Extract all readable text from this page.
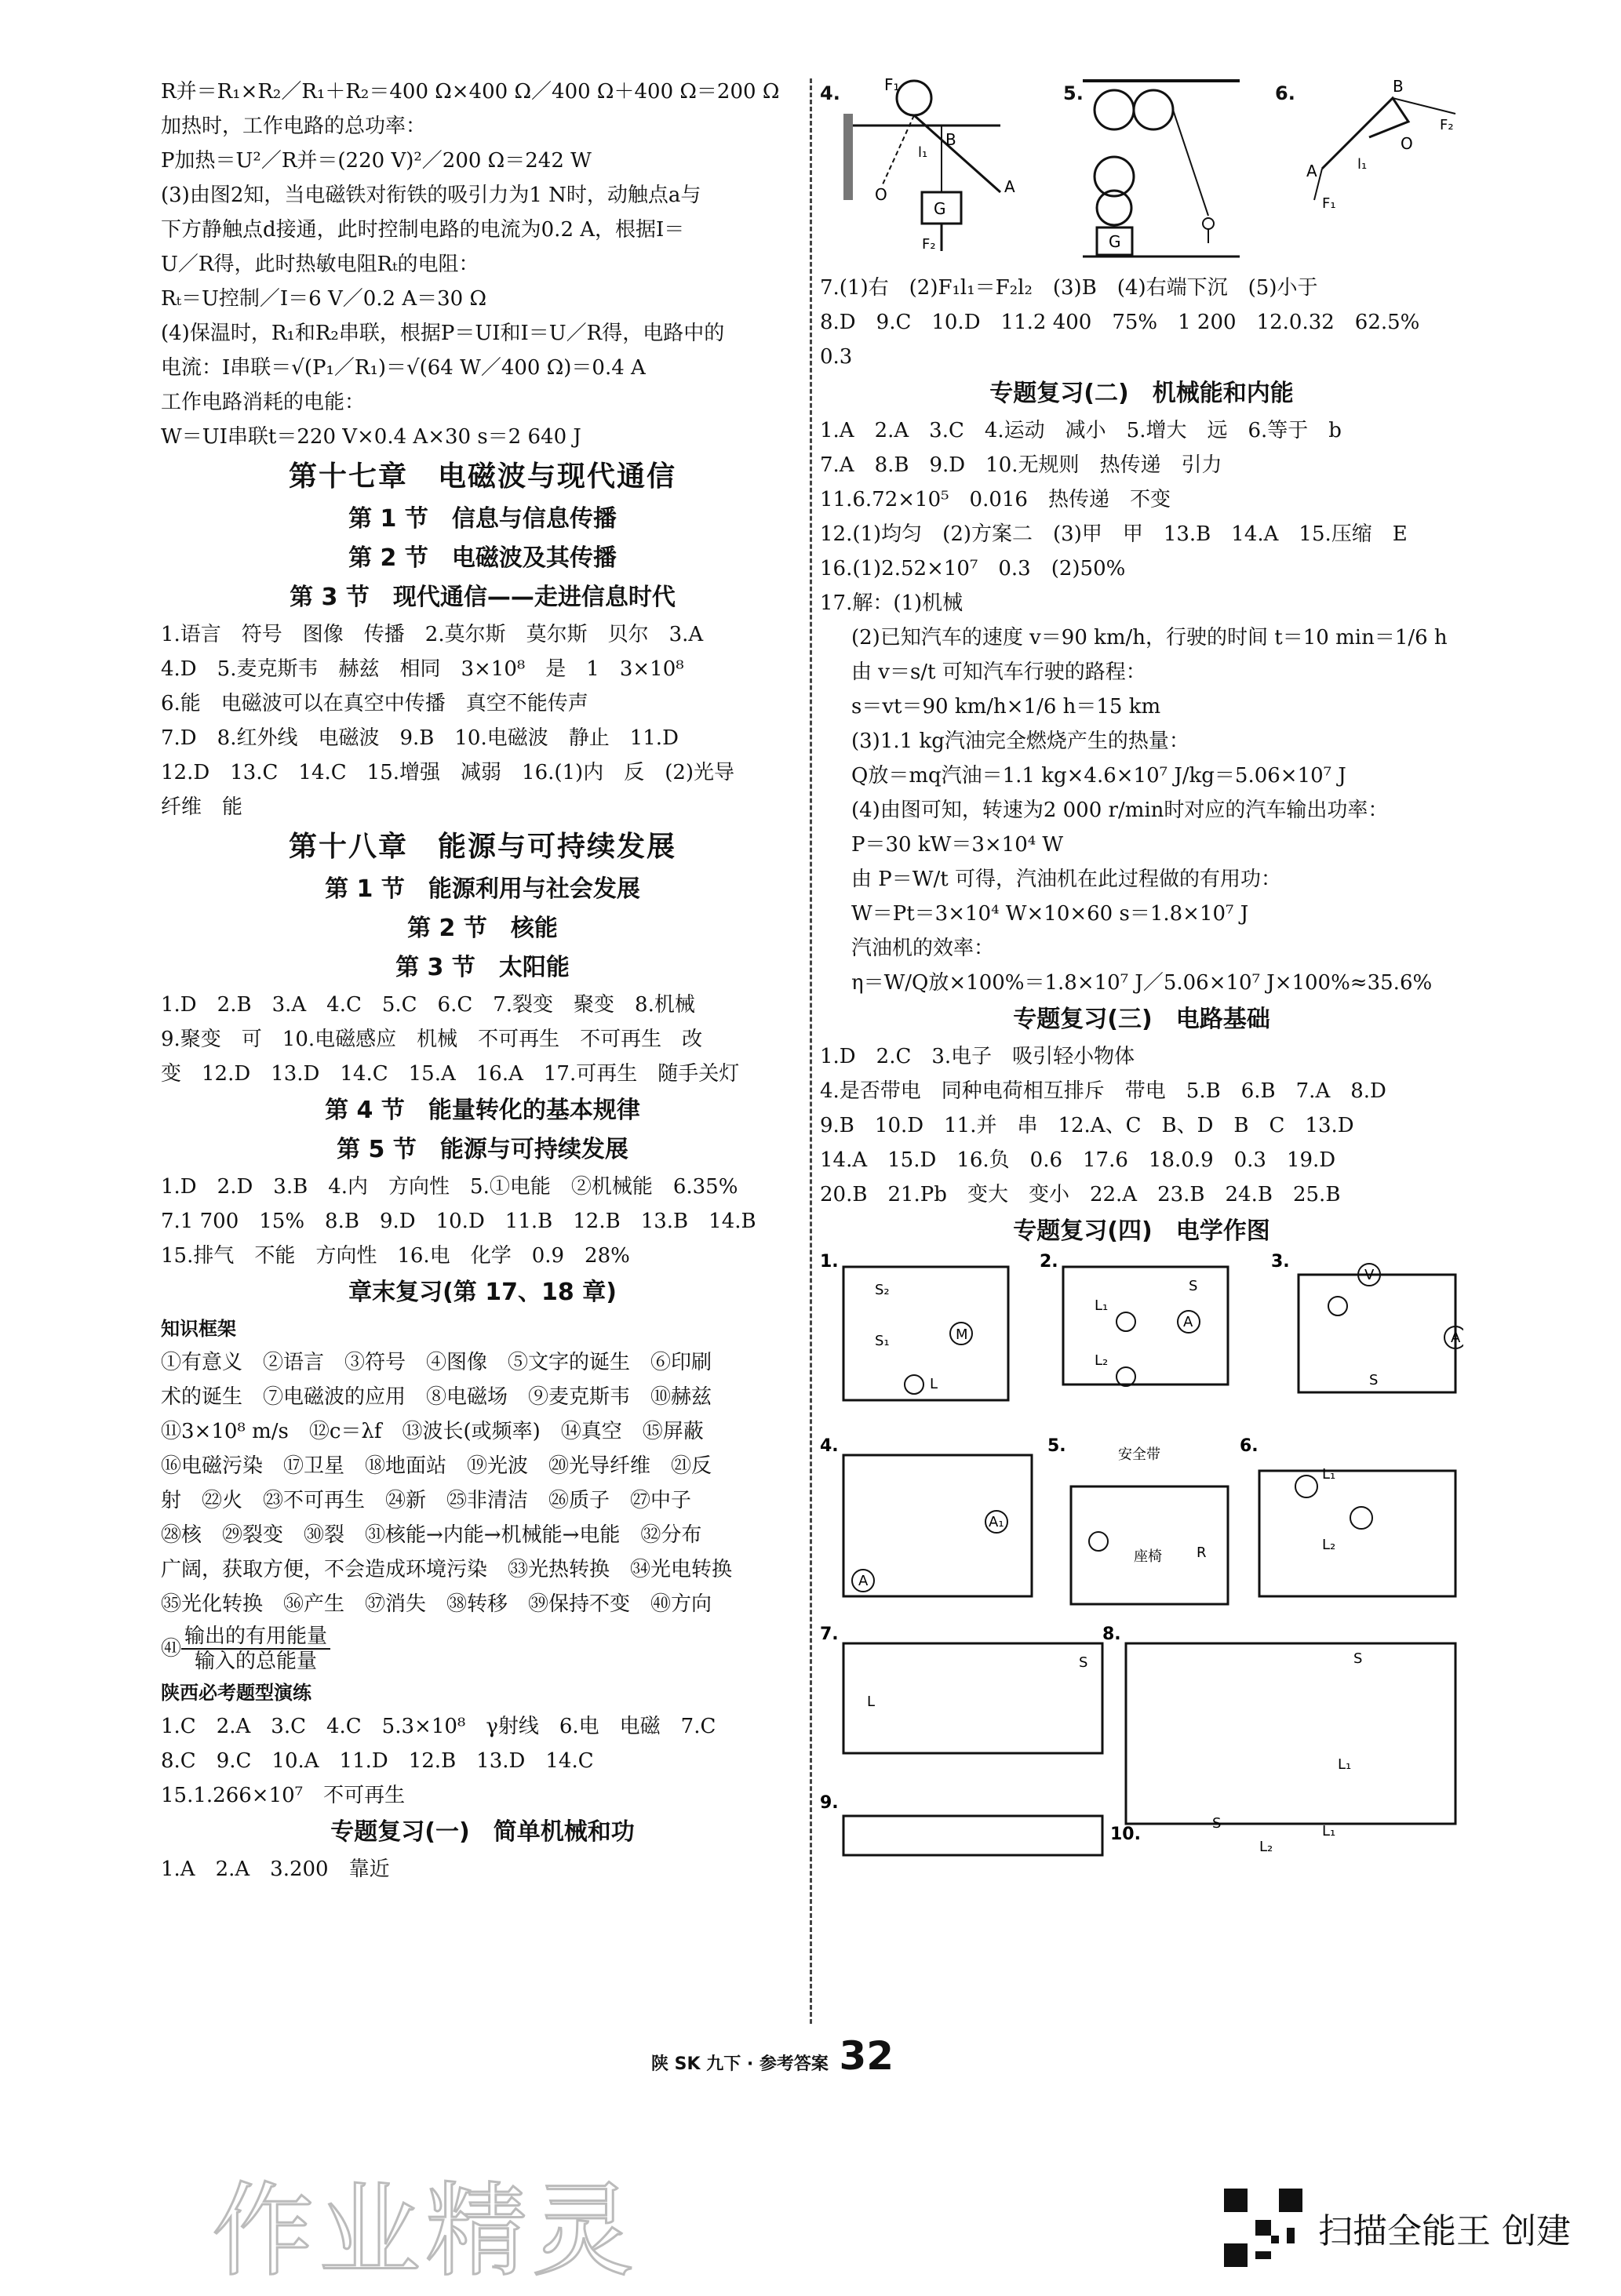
R并＝R₁×R₂／R₁＋R₂＝400 Ω×400 Ω／400 Ω＋400 Ω＝200 Ω
加热时，工作电路的总功率：
P加热＝U²／R并＝(220 V)²／200 Ω＝242 W
(3)由图2知，当电磁铁对衔铁的吸引力为1 N时，动触点a与
下方静触点d接通，此时控制电路的电流为0.2 A，根据I＝
U／R得，此时热敏电阻Rₜ的电阻：
Rₜ＝U控制／I＝6 V／0.2 A＝30 Ω
(4)保温时，R₁和R₂串联，根据P＝UI和I＝U／R得，电路中的
电流：I串联＝√(P₁／R₁)＝√(64 W／400 Ω)＝0.4 A
工作电路消耗的电能：
W＝UI串联t＝220 V×0.4 A×30 s＝2 640 J
第十七章　电磁波与现代通信
第 1 节　信息与信息传播
第 2 节　电磁波及其传播
第 3 节　现代通信——走进信息时代
1.语言　符号　图像　传播　2.莫尔斯　莫尔斯　贝尔　3.A
4.D　5.麦克斯韦　赫兹　相同　3×10⁸　是　1　3×10⁸
6.能　电磁波可以在真空中传播　真空不能传声
7.D　8.红外线　电磁波　9.B　10.电磁波　静止　11.D
12.D　13.C　14.C　15.增强　减弱　16.(1)内　反　(2)光导
纤维　能
第十八章　能源与可持续发展
第 1 节　能源利用与社会发展
第 2 节　核能
第 3 节　太阳能
1.D　2.B　3.A　4.C　5.C　6.C　7.裂变　聚变　8.机械
9.聚变　可　10.电磁感应　机械　不可再生　不可再生　改
变　12.D　13.D　14.C　15.A　16.A　17.可再生　随手关灯
第 4 节　能量转化的基本规律
第 5 节　能源与可持续发展
1.D　2.D　3.B　4.内　方向性　5.①电能　②机械能　6.35%
7.1 700　15%　8.B　9.D　10.D　11.B　12.B　13.B　14.B
15.排气　不能　方向性　16.电　化学　0.9　28%
章末复习(第 17、18 章)
知识框架
①有意义　②语言　③符号　④图像　⑤文字的诞生　⑥印刷
术的诞生　⑦电磁波的应用　⑧电磁场　⑨麦克斯韦　⑩赫兹
⑪3×10⁸ m/s　⑫c＝λf　⑬波长(或频率)　⑭真空　⑮屏蔽
⑯电磁污染　⑰卫星　⑱地面站　⑲光波　⑳光导纤维　㉑反
射　㉒火　㉓不可再生　㉔新　㉕非清洁　㉖质子　㉗中子
㉘核　㉙裂变　㉚裂　㉛核能→内能→机械能→电能　㉜分布
广阔，获取方便，不会造成环境污染　㉝光热转换　㉞光电转换
㉟光化转换　㊱产生　㊲消失　㊳转移　㊴保持不变　㊵方向
㊶ $\frac{\text{输出的有用能量}}{\text{输入的总能量}}$
陕西必考题型演练
1.C　2.A　3.C　4.C　5.3×10⁸　γ射线　6.电　电磁　7.C
8.C　9.C　10.A　11.D　12.B　13.D　14.C
15.1.266×10⁷　不可再生
专题复习(一)　简单机械和功
1.A　2.A　3.200　靠近
4.	F₁
O
l₁
B
A
G
F₂
5.
G
6.	B
F₂
O
A	l₁
F₁
7.(1)右　(2)F₁l₁＝F₂l₂　(3)B　(4)右端下沉　(5)小于
8.D　9.C　10.D　11.2 400　75%　1 200　12.0.32　62.5%
0.3
专题复习(二)　机械能和内能
1.A　2.A　3.C　4.运动　减小　5.增大　远　6.等于　b
7.A　8.B　9.D　10.无规则　热传递　引力
11.6.72×10⁵　0.016　热传递　不变
12.(1)均匀　(2)方案二　(3)甲　甲　13.B　14.A　15.压缩　E
16.(1)2.52×10⁷　0.3　(2)50%
17.解：(1)机械
(2)已知汽车的速度 v＝90 km/h，行驶的时间 t＝10 min＝1/6 h
由 v＝s/t 可知汽车行驶的路程：
s＝vt＝90 km/h×1/6 h＝15 km
(3)1.1 kg汽油完全燃烧产生的热量：
Q放＝mq汽油＝1.1 kg×4.6×10⁷ J/kg＝5.06×10⁷ J
(4)由图可知，转速为2 000 r/min时对应的汽车输出功率：
P＝30 kW＝3×10⁴ W
由 P＝W/t 可得，汽油机在此过程做的有用功：
W＝Pt＝3×10⁴ W×10×60 s＝1.8×10⁷ J
汽油机的效率：
η＝W/Q放×100%＝1.8×10⁷ J／5.06×10⁷ J×100%≈35.6%
专题复习(三)　电路基础
1.D　2.C　3.电子　吸引轻小物体
4.是否带电　同种电荷相互排斥　带电　5.B　6.B　7.A　8.D
9.B　10.D　11.并　串　12.A、C　B、D　B　C　13.D
14.A　15.D　16.负　0.6　17.6　18.0.9　0.3　19.D
20.B　21.Pb　变大　变小　22.A　23.B　24.B　25.B
专题复习(四)　电学作图
1.	2.	3.
4.	5.	6.
7.	8.
9.
10.
S₂
M
S₁
L
L₁
S
A
L₂
V
A
S
A₁
A
安全带
座椅 R
L₁
L₂
L
S	S
L₁
S	L₁
L₂
陕 SK 九下 · 参考答案 32
作业精灵	扫描全能王 创建
